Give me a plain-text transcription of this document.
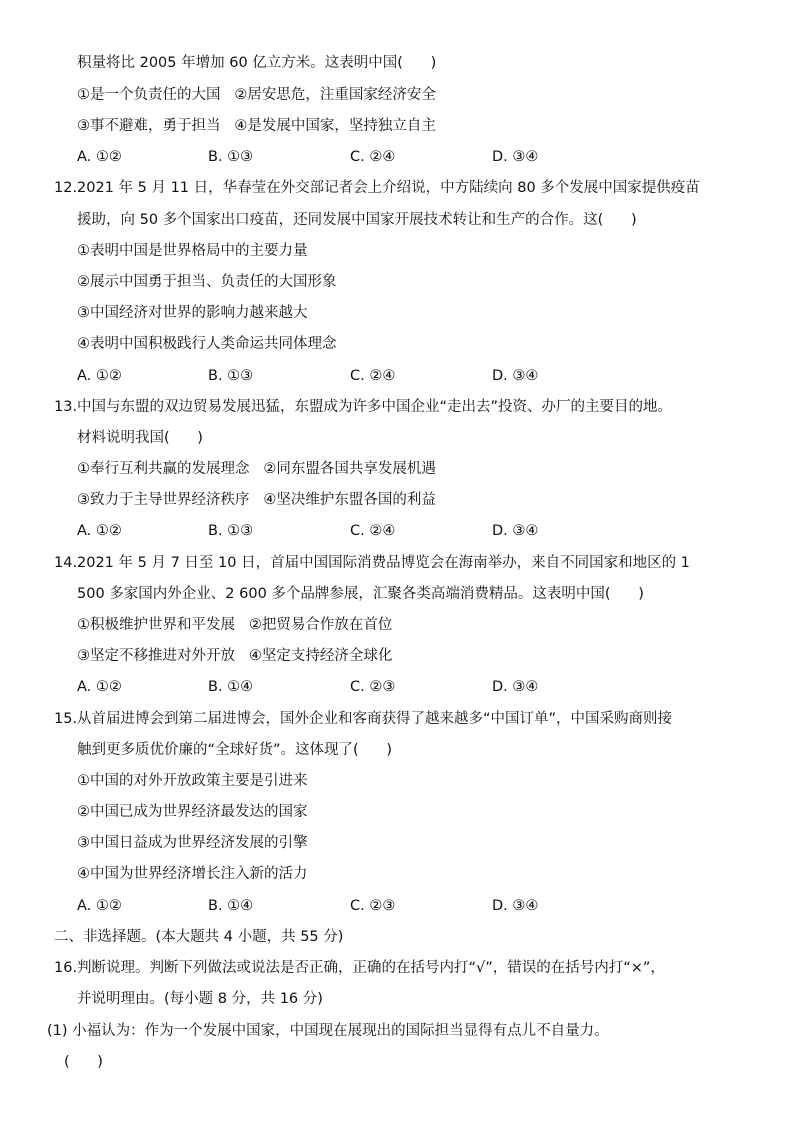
积量将比 2005 年增加 60 亿立方米。这表明中国(      )
①是一个负责任的大国   ②居安思危，注重国家经济安全
③事不避难，勇于担当   ④是发展中国家，坚持独立自主
A. ①②	B. ①③	C. ②④	D. ③④
12. 2021 年 5 月 11 日，华春莹在外交部记者会上介绍说，中方陆续向 80 多个发展中国家提供疫苗
援助，向 50 多个国家出口疫苗，还同发展中国家开展技术转让和生产的合作。这(      )
①表明中国是世界格局中的主要力量
②展示中国勇于担当、负责任的大国形象
③中国经济对世界的影响力越来越大
④表明中国积极践行人类命运共同体理念
A. ①②	B. ①③	C. ②④	D. ③④
13. 中国与东盟的双边贸易发展迅猛，东盟成为许多中国企业“走出去”投资、办厂的主要目的地。
材料说明我国(      )
①奉行互利共赢的发展理念   ②同东盟各国共享发展机遇
③致力于主导世界经济秩序   ④坚决维护东盟各国的利益
A. ①②	B. ①③	C. ②④	D. ③④
14. 2021 年 5 月 7 日至 10 日，首届中国国际消费品博览会在海南举办，来自不同国家和地区的 1
500 多家国内外企业、2 600 多个品牌参展，汇聚各类高端消费精品。这表明中国(      )
①积极维护世界和平发展   ②把贸易合作放在首位
③坚定不移推进对外开放   ④坚定支持经济全球化
A. ①②	B. ①④	C. ②③	D. ③④
15. 从首届进博会到第二届进博会，国外企业和客商获得了越来越多“中国订单”，中国采购商则接
触到更多质优价廉的“全球好货”。这体现了(      )
①中国的对外开放政策主要是引进来
②中国已成为世界经济最发达的国家
③中国日益成为世界经济发展的引擎
④中国为世界经济增长注入新的活力
A. ①②	B. ①④	C. ②③	D. ③④
二、非选择题。(本大题共 4 小题，共 55 分)
16. 判断说理。判断下列做法或说法是否正确，正确的在括号内打“√”，错误的在括号内打“×”，
并说明理由。(每小题 8 分，共 16 分)
(1) 小福认为：作为一个发展中国家，中国现在展现出的国际担当显得有点儿不自量力。
(      )
